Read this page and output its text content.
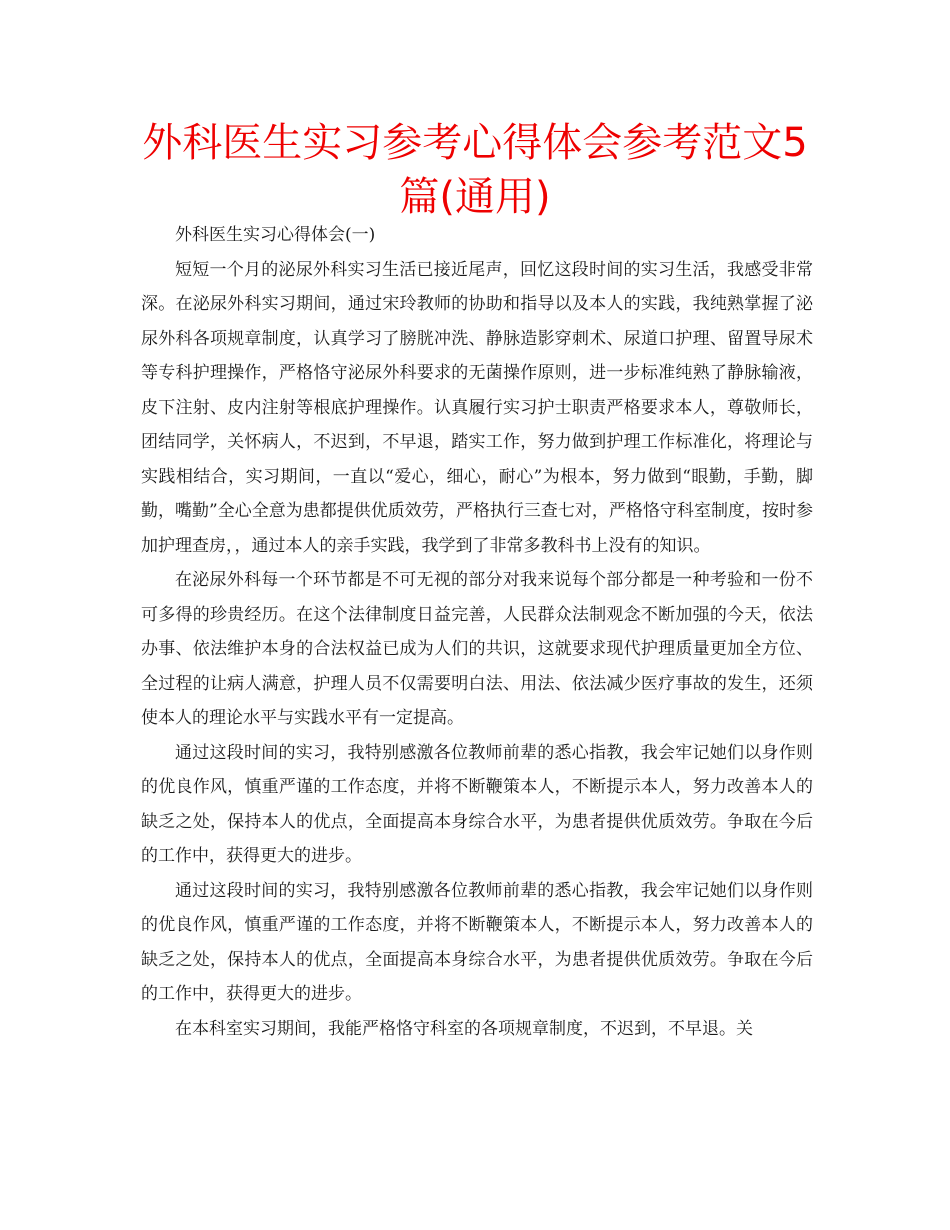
外科医生实习参考心得体会参考范文5篇(通用)

外科医生实习心得体会(一)

短短一个月的泌尿外科实习生活已接近尾声，回忆这段时间的实习生活，我感受非常深。在泌尿外科实习期间，通过宋玲教师的协助和指导以及本人的实践，我纯熟掌握了泌尿外科各项规章制度，认真学习了膀胱冲洗、静脉造影穿刺术、尿道口护理、留置导尿术等专科护理操作，严格恪守泌尿外科要求的无菌操作原则，进一步标准纯熟了静脉输液，皮下注射、皮内注射等根底护理操作。认真履行实习护士职责严格要求本人，尊敬师长，团结同学，关怀病人，不迟到，不早退，踏实工作，努力做到护理工作标准化，将理论与实践相结合，实习期间，一直以“爱心，细心，耐心”为根本，努力做到“眼勤，手勤，脚勤，嘴勤”全心全意为患都提供优质效劳，严格执行三查七对，严格恪守科室制度，按时参加护理查房，，通过本人的亲手实践，我学到了非常多教科书上没有的知识。

在泌尿外科每一个环节都是不可无视的部分对我来说每个部分都是一种考验和一份不可多得的珍贵经历。在这个法律制度日益完善，人民群众法制观念不断加强的今天，依法办事、依法维护本身的合法权益已成为人们的共识，这就要求现代护理质量更加全方位、全过程的让病人满意，护理人员不仅需要明白法、用法、依法减少医疗事故的发生，还须使本人的理论水平与实践水平有一定提高。

通过这段时间的实习，我特别感激各位教师前辈的悉心指教，我会牢记她们以身作则的优良作风，慎重严谨的工作态度，并将不断鞭策本人，不断提示本人，努力改善本人的缺乏之处，保持本人的优点，全面提高本身综合水平，为患者提供优质效劳。争取在今后的工作中，获得更大的进步。

通过这段时间的实习，我特别感激各位教师前辈的悉心指教，我会牢记她们以身作则的优良作风，慎重严谨的工作态度，并将不断鞭策本人，不断提示本人，努力改善本人的缺乏之处，保持本人的优点，全面提高本身综合水平，为患者提供优质效劳。争取在今后的工作中，获得更大的进步。

在本科室实习期间，我能严格恪守科室的各项规章制度，不迟到，不早退。关
